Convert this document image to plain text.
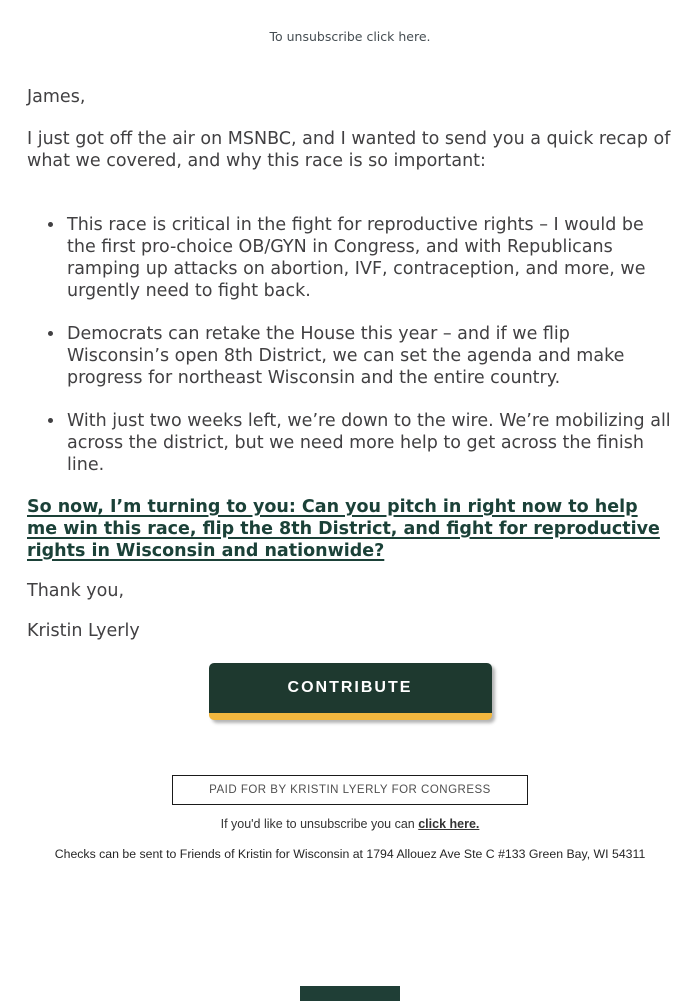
To unsubscribe click here.

James,

I just got off the air on MSNBC, and I wanted to send you a quick recap of what we covered, and why this race is so important:

• This race is critical in the fight for reproductive rights – I would be the first pro-choice OB/GYN in Congress, and with Republicans ramping up attacks on abortion, IVF, contraception, and more, we urgently need to fight back.
• Democrats can retake the House this year – and if we flip Wisconsin’s open 8th District, we can set the agenda and make progress for northeast Wisconsin and the entire country.
• With just two weeks left, we’re down to the wire. We’re mobilizing all across the district, but we need more help to get across the finish line.

So now, I’m turning to you: Can you pitch in right now to help me win this race, flip the 8th District, and fight for reproductive rights in Wisconsin and nationwide?

Thank you,

Kristin Lyerly

CONTRIBUTE
PAID FOR BY KRISTIN LYERLY FOR CONGRESS
If you'd like to unsubscribe you can click here.
Checks can be sent to Friends of Kristin for Wisconsin at 1794 Allouez Ave Ste C #133 Green Bay, WI 54311
